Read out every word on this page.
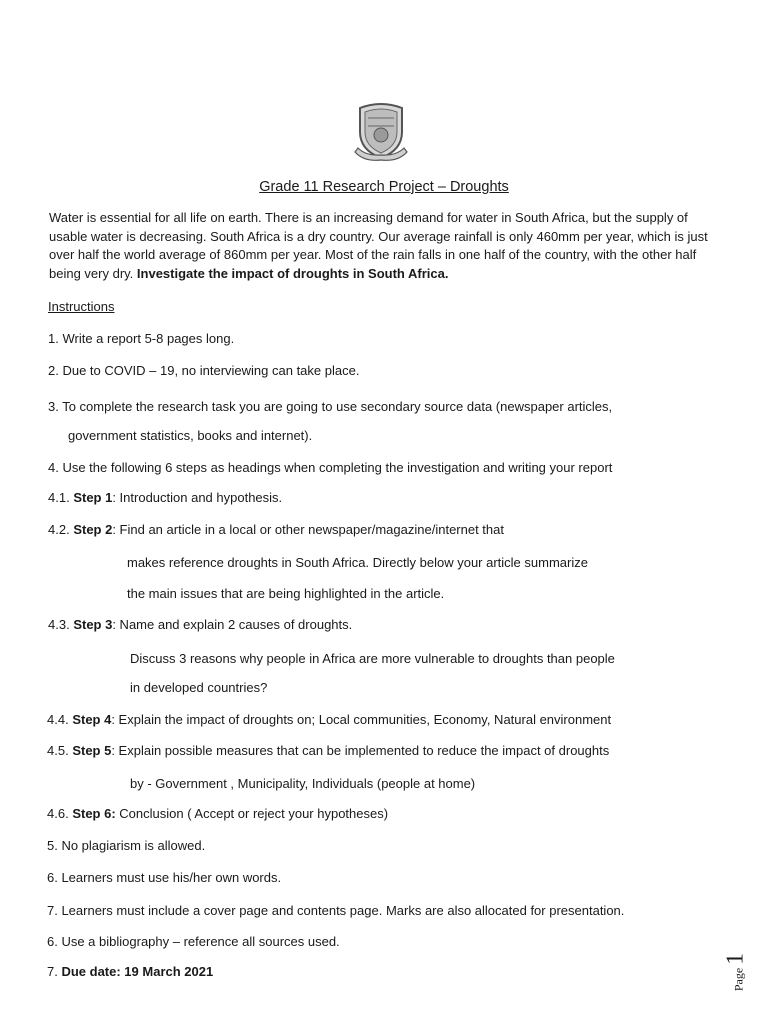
Grade 11 Research Project – Droughts
Water is essential for all life on earth. There is an increasing demand for water in South Africa, but the supply of usable water is decreasing. South Africa is a dry country. Our average rainfall is only 460mm per year, which is just over half the world average of 860mm per year. Most of the rain falls in one half of the country, with the other half being very dry. Investigate the impact of droughts in South Africa.
Instructions
1. Write a report 5-8 pages long.
2. Due to COVID – 19, no interviewing can take place.
3. To complete the research task you are going to use secondary source data (newspaper articles,
government statistics, books and internet).
4. Use the following 6 steps as headings when completing the investigation and writing your report
4.1. Step 1: Introduction and hypothesis.
4.2. Step 2: Find an article in a local or other newspaper/magazine/internet that
makes reference droughts in South Africa. Directly below your article summarize
the main issues that are being highlighted in the article.
4.3. Step 3: Name and explain 2 causes of droughts.
Discuss 3 reasons why people in Africa are more vulnerable to droughts than people
in developed countries?
4.4. Step 4: Explain the impact of droughts on; Local communities, Economy, Natural environment
4.5. Step 5: Explain possible measures that can be implemented to reduce the impact of droughts
by - Government , Municipality, Individuals (people at home)
4.6. Step 6: Conclusion ( Accept or reject your hypotheses)
5. No plagiarism is allowed.
6. Learners must use his/her own words.
7. Learners must include a cover page and contents page. Marks are also allocated for presentation.
6. Use a bibliography – reference all sources used.
7. Due date: 19 March 2021	Page1
